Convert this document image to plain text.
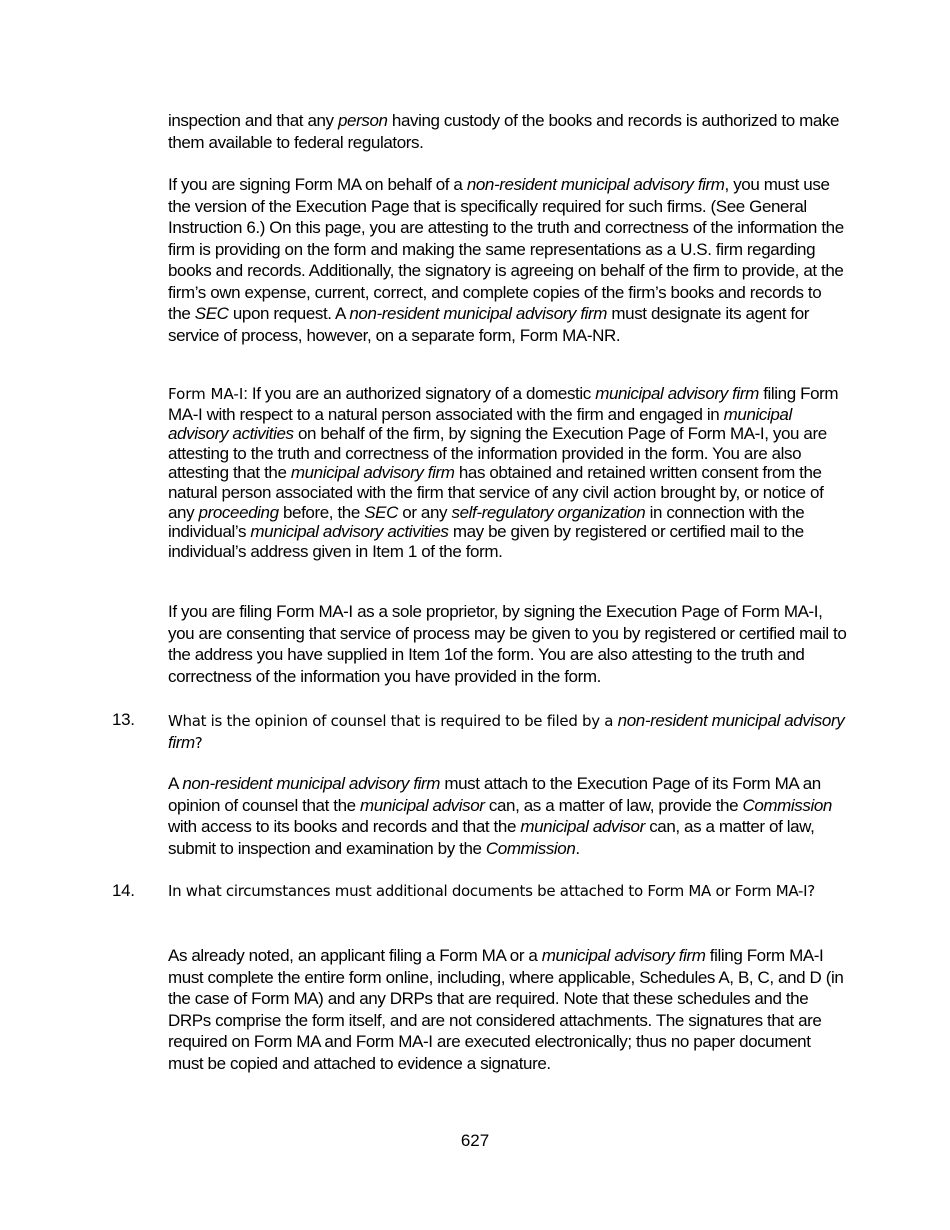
inspection and that any person having custody of the books and records is authorized to make them available to federal regulators.

If you are signing Form MA on behalf of a non-resident municipal advisory firm, you must use the version of the Execution Page that is specifically required for such firms. (See General Instruction 6.) On this page, you are attesting to the truth and correctness of the information the firm is providing on the form and making the same representations as a U.S. firm regarding books and records. Additionally, the signatory is agreeing on behalf of the firm to provide, at the firm’s own expense, current, correct, and complete copies of the firm’s books and records to the SEC upon request. A non-resident municipal advisory firm must designate its agent for service of process, however, on a separate form, Form MA-NR.

Form MA-I: If you are an authorized signatory of a domestic municipal advisory firm filing Form MA-I with respect to a natural person associated with the firm and engaged in municipal advisory activities on behalf of the firm, by signing the Execution Page of Form MA-I, you are attesting to the truth and correctness of the information provided in the form. You are also attesting that the municipal advisory firm has obtained and retained written consent from the natural person associated with the firm that service of any civil action brought by, or notice of any proceeding before, the SEC or any self-regulatory organization in connection with the individual’s municipal advisory activities may be given by registered or certified mail to the individual’s address given in Item 1 of the form.

If you are filing Form MA-I as a sole proprietor, by signing the Execution Page of Form MA-I, you are consenting that service of process may be given to you by registered or certified mail to the address you have supplied in Item 1of the form. You are also attesting to the truth and correctness of the information you have provided in the form.

13. What is the opinion of counsel that is required to be filed by a non-resident municipal advisory firm?

A non-resident municipal advisory firm must attach to the Execution Page of its Form MA an opinion of counsel that the municipal advisor can, as a matter of law, provide the Commission with access to its books and records and that the municipal advisor can, as a matter of law, submit to inspection and examination by the Commission.

14. In what circumstances must additional documents be attached to Form MA or Form MA-I?

As already noted, an applicant filing a Form MA or a municipal advisory firm filing Form MA-I must complete the entire form online, including, where applicable, Schedules A, B, C, and D (in the case of Form MA) and any DRPs that are required. Note that these schedules and the DRPs comprise the form itself, and are not considered attachments. The signatures that are required on Form MA and Form MA-I are executed electronically; thus no paper document must be copied and attached to evidence a signature.

627
